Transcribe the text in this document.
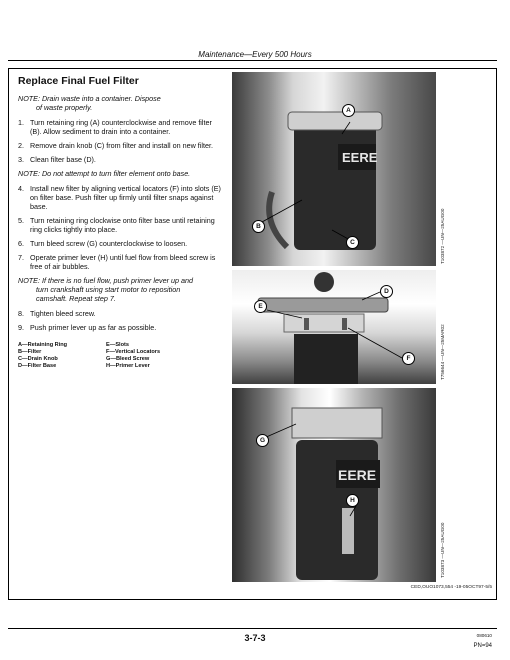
Maintenance—Every 500 Hours
Replace Final Fuel Filter
NOTE: Drain waste into a container. Dispose
of waste properly.
1. Turn retaining ring (A) counterclockwise and remove filter (B). Allow sediment to drain into a container.
2. Remove drain knob (C) from filter and install on new filter.
3. Clean filter base (D).
NOTE: Do not attempt to turn filter element onto base.
4. Install new filter by aligning vertical locators (F) into slots (E) on filter base. Push filter up firmly until filter snaps against base.
5. Turn retaining ring clockwise onto filter base until retaining ring clicks tightly into place.
6. Turn bleed screw (G) counterclockwise to loosen.
7. Operate primer lever (H) until fuel flow from bleed screw is free of air bubbles.
NOTE: If there is no fuel flow, push primer lever up and
turn crankshaft using start motor to reposition
camshaft. Repeat step 7.
8. Tighten bleed screw.
9. Push primer lever up as far as possible.
A—Retaining Ring	E—Slots
B—Filter	F—Vertical Locators
C—Drain Knob	G—Bleed Screw
D—Filter Base	H—Primer Lever
EERE
A
B
C
E
D
F
EERE
G
H
T103872 —UN—25AUG00
T756644 —UN—25MAR02
T103873 —UN—25AUG00
CED,OUO1073,554 -19-05OCT97-5/5
3-7-3	080610
PN=94
